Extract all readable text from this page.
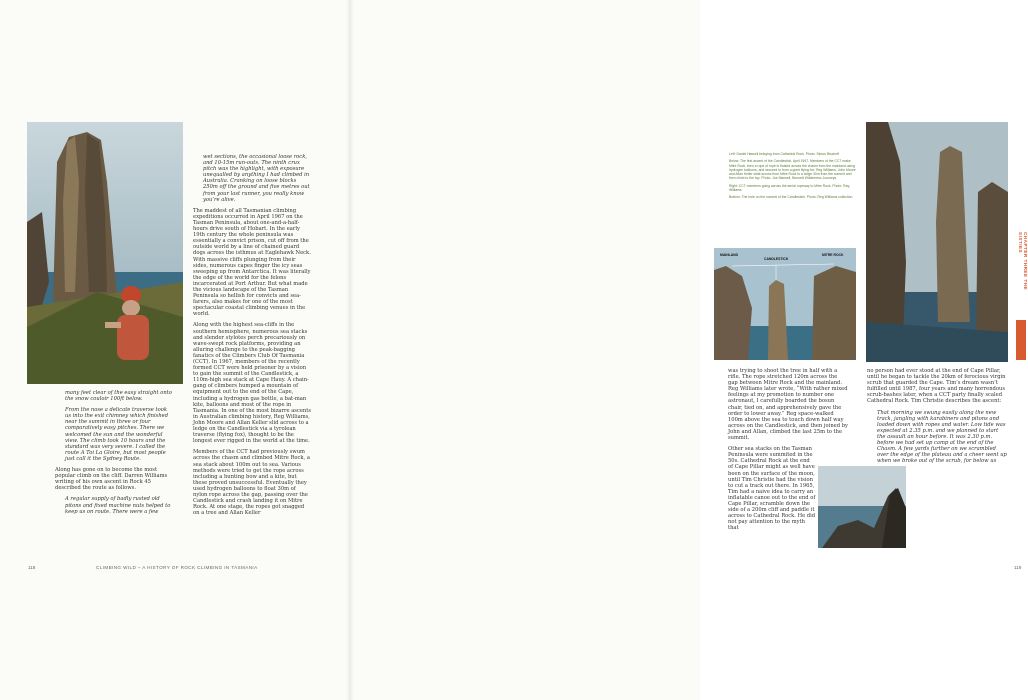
many feet clear of the easy straight onto the snow couloir 100ft below.

From the nose a delicate traverse took us into the exit chimney which finished near the summit in three or four comparatively easy pitches. There we welcomed the sun and the wonderful view. The climb took 10 hours and the standard was very severe. I called the route A Toi La Gloire, but most people just call it the Sydney Route.

Along has gone on to become the most popular climb on the cliff. Darren Williams writing of his own ascent in Rock 45 described the route as follows.

A regular supply of badly rusted old pitons and fixed machine nuts helped to keep us on route. There were a few

wet sections, the occasional loose rock, and 10-15m run-outs. The ninth crux pitch was the highlight, with exposure unequalled by anything I had climbed in Australia. Cranking on loose blocks 250m off the ground and five metres out from your last runner, you really know you’re alive.

The maddest of all Tasmanian climbing expeditions occurred in April 1967 on the Tasman Peninsula, about one-and-a-half-hours drive south of Hobart. In the early 19th century the whole peninsula was essentially a convict prison, cut off from the outside world by a line of chained guard dogs across the isthmus at Eaglehawk Neck. With massive cliffs plunging from their sides, numerous capes finger the icy seas sweeping up from Antarctica. It was literally the edge of the world for the felons incarcerated at Port Arthur. But what made the vicious landscape of the Tasman Peninsula so hellish for convicts and sea-farers, also makes for one of the most spectacular coastal climbing venues in the world.

Along with the highest sea-cliffs in the southern hemisphere, numerous sea stacks and slender stylotes perch precariously on wave-swept rock platforms, providing an alluring challenge to the peak-bagging fanatics of the Climbers Club Of Tasmania (CCT). In 1967, members of the recently formed CCT were held prisoner by a vision to gain the summit of the Candlestick, a 110m-high sea stack at Cape Hauy. A chain-gang of climbers humped a mountain of equipment out to the end of the Cape, including a hydrogen gas bottle, a bat-man kite, balloons and most of the rope in Tasmania. In one of the most bizarre ascents in Australian climbing history, Reg Williams, John Moore and Allan Keller slid across to a ledge on the Candlestick via a tyrolean traverse (flying fox), thought to be the longest ever rigged in the world at the time.

Members of the CCT had previously swum across the chasm and climbed Mitre Rock, a sea stack about 100m out to sea. Various methods were tried to get the rope across including a hunting bow and a kite, but these proved unsuccessful. Eventually they used hydrogen balloons to float 30m of nylon rope across the gap, passing over the Candlestick and crash landing it on Mitre Rock. At one stage, the ropes got snagged on a tree and Allan Keller

118	CLIMBING WILD – A HISTORY OF ROCK CLIMBING IN TASMANIA

Left: Daniel Hassell belaying from Cathedral Rock. Photo: Simon Bischoff

Below: The first ascent of the Candlestick, April 1967. Members of the CCT make Mitre Rock, then a rope of rope is floated across the chasm from the mainland using hydrogen balloons, and secured to form a giant flying fox. Reg Williams, John Moore and Allan Keller slide across from Mitre Rock to a ledge 30m from the summit and then climb to the top. Photo: Joe Mansell, Bennett Wilderness Journeys

Right: CCT members going across the aerial ropeway to Mitre Rock. Photo: Reg Williams

Bottom: The hole on the summit of the Candlestick. Photo: Reg Williams collection

MAINLAND
CANDLESTICK
MITRE ROCK	CHAPTER THREE THE SIXTIES

was trying to shoot the tree in half with a rifle. The rope stretched 120m across the gap between Mitre Rock and the mainland. Reg Williams later wrote, “With rather mixed feelings at my promotion to number one astronaut, I carefully boarded the bosun chair, tied on, and apprehensively gave the order to lower away.” Reg space-walked 100m above the sea to touch down half way across on the Candlestick, and then joined by John and Allan, climbed the last 25m to the summit.

Other sea stacks on the Tasman Peninsula were summited in the 50s. Cathedral Rock at the end of Cape Pillar might as well have been on the surface of the moon, until Tim Christie had the vision to cut a track out there. In 1965, Tim had a naive idea to carry an inflatable canoe out to the end of Cape Pillar, scramble down the side of a 200m cliff and paddle it across to Cathedral Rock. He did not pay attention to the myth that

no person had ever stood at the end of Cape Pillar, until he began to tackle the 20km of ferocious virgin scrub that guarded the Cape. Tim’s dream wasn’t fulfilled until 1987, four years and many horrendous scrub-bashes later, when a CCT party finally scaled Cathedral Rock. Tim Christie describes the ascent:

That morning we swung easily along the new track, jangling with karabiners and pitons and loaded down with ropes and water. Low tide was expected at 2.35 p.m. and we planned to start the assault an hour before. It was 2.30 p.m. before we had set up camp at the end of the Chasm. A few yards further on we scrambled over the edge of the plateau and a cheer went up when we broke out of the scrub, for below us

119
